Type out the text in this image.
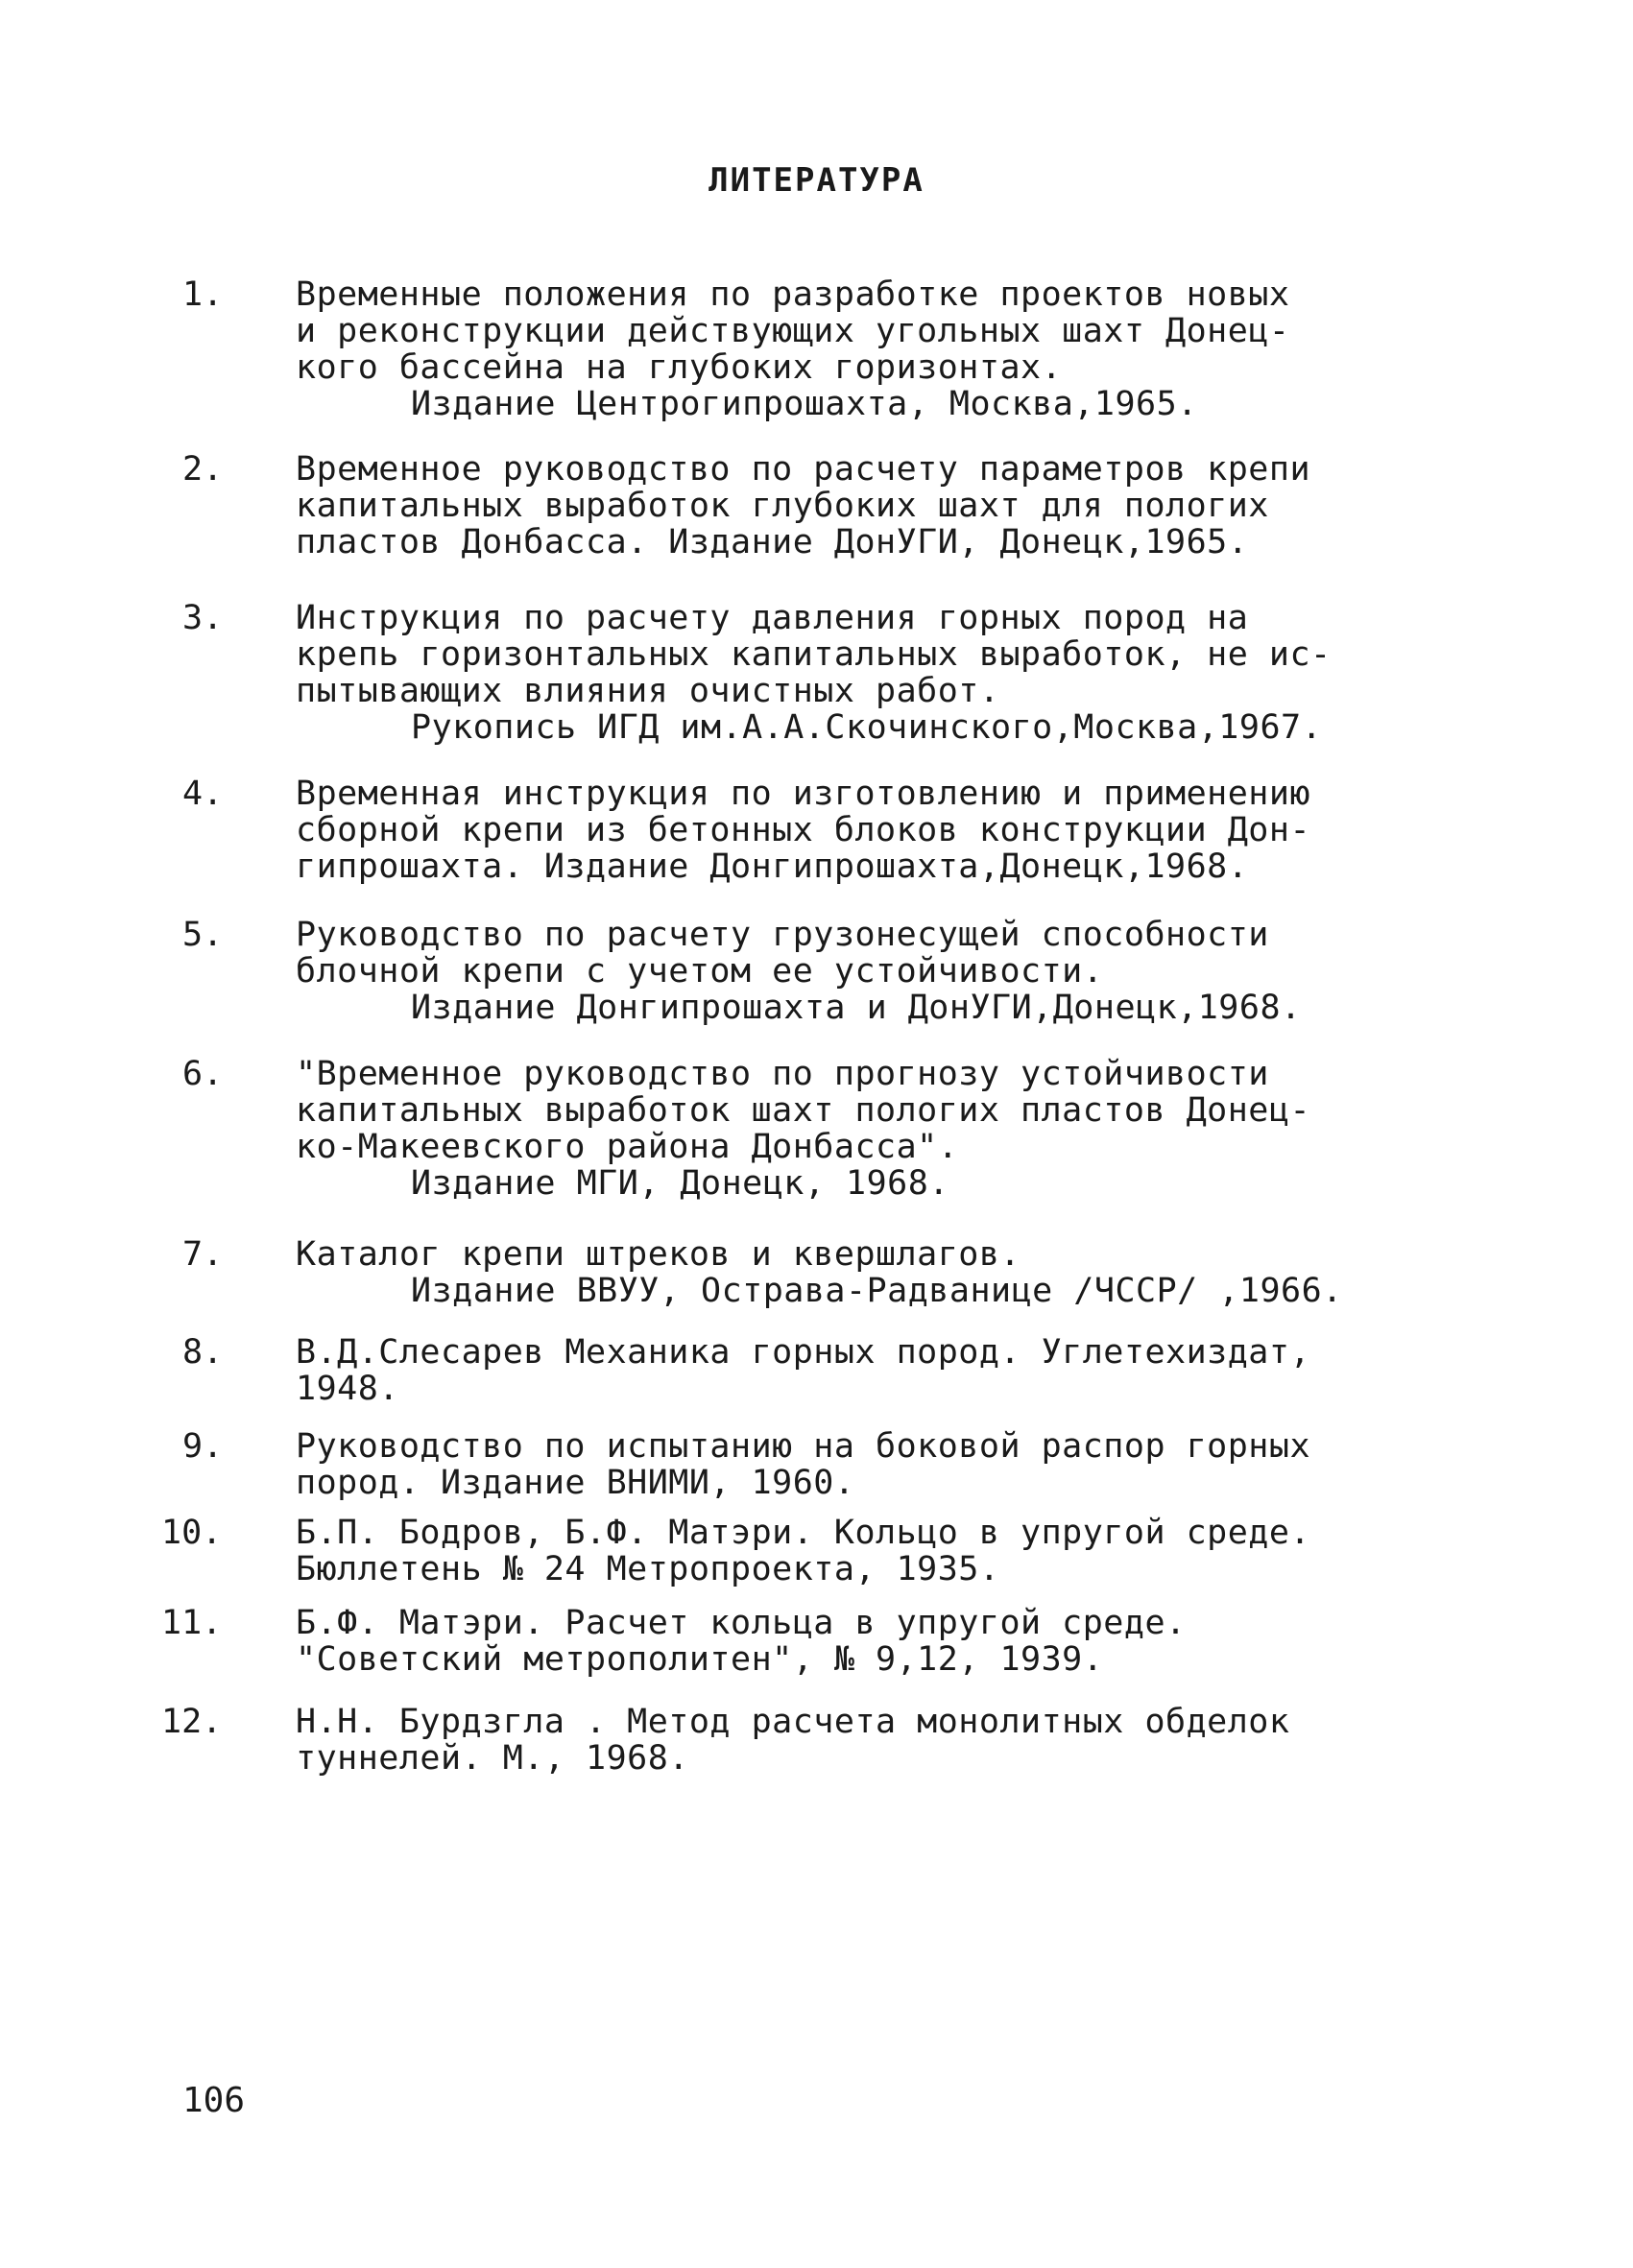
ЛИТЕРАТУРА
1.	Временные положения по разработке проектов новых
и реконструкции действующих угольных шахт Донец-
кого бассейна на глубоких горизонтах.
Издание Центрогипрошахта, Москва,1965.
2.	Временное руководство по расчету параметров крепи
капитальных выработок глубоких шахт для пологих
пластов Донбасса. Издание ДонУГИ, Донецк,1965.
3.	Инструкция по расчету давления горных пород на
крепь горизонтальных капитальных выработок, не ис-
пытывающих влияния очистных работ.
Рукопись ИГД им.А.А.Скочинского,Москва,1967.
4.	Временная инструкция по изготовлению и применению
сборной крепи из бетонных блоков конструкции Дон-
гипрошахта. Издание Донгипрошахта,Донецк,1968.
5.	Руководство по расчету грузонесущей способности
блочной крепи с учетом ее устойчивости.
Издание Донгипрошахта и ДонУГИ,Донецк,1968.
6.	"Временное руководство по прогнозу устойчивости
капитальных выработок шахт пологих пластов Донец-
ко-Макеевского района Донбасса".
Издание МГИ, Донецк, 1968.
7.	Каталог крепи штреков и квершлагов.
Издание ВВУУ, Острава-Радванице /ЧССР/ ,1966.
8.	В.Д.Слесарев Механика горных пород. Углетехиздат,
1948.
9.	Руководство по испытанию на боковой распор горных
пород. Издание ВНИМИ, 1960.
10.	Б.П. Бодров, Б.Ф. Матэри. Кольцо в упругой среде.
Бюллетень № 24 Метропроекта, 1935.
11.	Б.Ф. Матэри. Расчет кольца в упругой среде.
"Советский метрополитен", № 9,12, 1939.
12.	Н.Н. Бурдзгла . Метод расчета монолитных обделок
туннелей. М., 1968.
106
